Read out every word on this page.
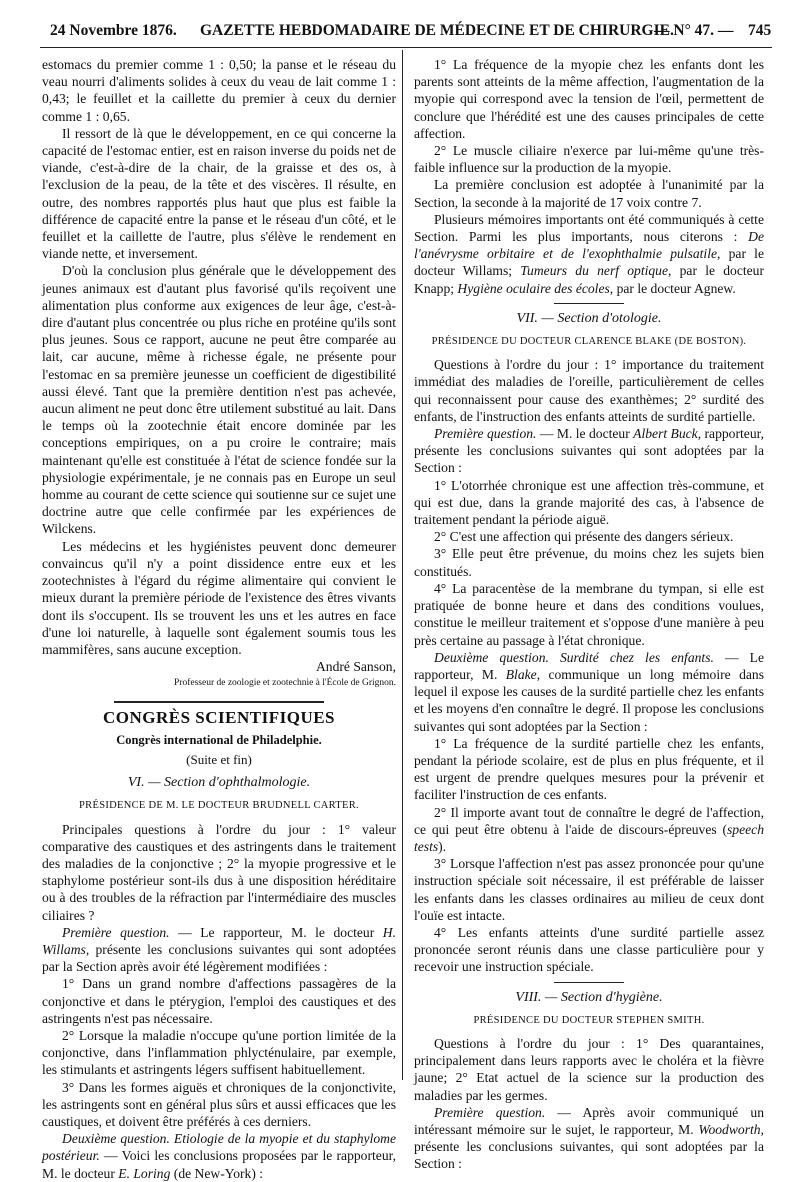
24 Novembre 1876. GAZETTE HEBDOMADAIRE DE MÉDECINE ET DE CHIRURGIE.
— N° 47. — 745

estomacs du premier comme 1 : 0,50; la panse et le réseau du veau nourri d'aliments solides à ceux du veau de lait comme 1 : 0,43; le feuillet et la caillette du premier à ceux du dernier comme 1 : 0,65.

Il ressort de là que le développement, en ce qui concerne la capacité de l'estomac entier, est en raison inverse du poids net de viande, c'est-à-dire de la chair, de la graisse et des os, à l'exclusion de la peau, de la tête et des viscères. Il résulte, en outre, des nombres rapportés plus haut que plus est faible la différence de capacité entre la panse et le réseau d'un côté, et le feuillet et la caillette de l'autre, plus s'élève le rendement en viande nette, et inversement.

D'où la conclusion plus générale que le développement des jeunes animaux est d'autant plus favorisé qu'ils reçoivent une alimentation plus conforme aux exigences de leur âge, c'est-à-dire d'autant plus concentrée ou plus riche en protéine qu'ils sont plus jeunes. Sous ce rapport, aucune ne peut être comparée au lait, car aucune, même à richesse égale, ne présente pour l'estomac en sa première jeunesse un coefficient de digestibilité aussi élevé. Tant que la première dentition n'est pas achevée, aucun aliment ne peut donc être utilement substitué au lait. Dans le temps où la zootechnie était encore dominée par les conceptions empiriques, on a pu croire le contraire; mais maintenant qu'elle est constituée à l'état de science fondée sur la physiologie expérimentale, je ne connais pas en Europe un seul homme au courant de cette science qui soutienne sur ce sujet une doctrine autre que celle confirmée par les expériences de Wilckens.

Les médecins et les hygiénistes peuvent donc demeurer convaincus qu'il n'y a point dissidence entre eux et les zootechnistes à l'égard du régime alimentaire qui convient le mieux durant la première période de l'existence des êtres vivants dont ils s'occupent. Ils se trouvent les uns et les autres en face d'une loi naturelle, à laquelle sont également soumis tous les mammifères, sans aucune exception.

André Sanson,

Professeur de zoologie et zootechnie à l'École de Grignon.

CONGRÈS SCIENTIFIQUES

Congrès international de Philadelphie.

(Suite et fin)

VI. — Section d'ophthalmologie.

PRÉSIDENCE DE M. LE DOCTEUR BRUDNELL CARTER.

Principales questions à l'ordre du jour : 1° valeur comparative des caustiques et des astringents dans le traitement des maladies de la conjonctive ; 2° la myopie progressive et le staphylome postérieur sont-ils dus à une disposition héréditaire ou à des troubles de la réfraction par l'intermédiaire des muscles ciliaires ?

Première question. — Le rapporteur, M. le docteur H. Willams, présente les conclusions suivantes qui sont adoptées par la Section après avoir été légèrement modifiées :

1° Dans un grand nombre d'affections passagères de la conjonctive et dans le ptérygion, l'emploi des caustiques et des astringents n'est pas nécessaire.

2° Lorsque la maladie n'occupe qu'une portion limitée de la conjonctive, dans l'inflammation phlycténulaire, par exemple, les stimulants et astringents légers suffisent habituellement.

3° Dans les formes aiguës et chroniques de la conjonctivite, les astringents sont en général plus sûrs et aussi efficaces que les caustiques, et doivent être préférés à ces derniers.

Deuxième question. Etiologie de la myopie et du staphylome postérieur. — Voici les conclusions proposées par le rapporteur, M. le docteur E. Loring (de New-York) :

1° La fréquence de la myopie chez les enfants dont les parents sont atteints de la même affection, l'augmentation de la myopie qui correspond avec la tension de l'œil, permettent de conclure que l'hérédité est une des causes principales de cette affection.

2° Le muscle ciliaire n'exerce par lui-même qu'une très-faible influence sur la production de la myopie.

La première conclusion est adoptée à l'unanimité par la Section, la seconde à la majorité de 17 voix contre 7.

Plusieurs mémoires importants ont été communiqués à cette Section. Parmi les plus importants, nous citerons : De l'anévrysme orbitaire et de l'exophthalmie pulsatile, par le docteur Willams; Tumeurs du nerf optique, par le docteur Knapp; Hygiène oculaire des écoles, par le docteur Agnew.

VII. — Section d'otologie.

PRÉSIDENCE DU DOCTEUR CLARENCE BLAKE (DE BOSTON).

Questions à l'ordre du jour : 1° importance du traitement immédiat des maladies de l'oreille, particulièrement de celles qui reconnaissent pour cause des exanthèmes; 2° surdité des enfants, de l'instruction des enfants atteints de surdité partielle.

Première question. — M. le docteur Albert Buck, rapporteur, présente les conclusions suivantes qui sont adoptées par la Section :

1° L'otorrhée chronique est une affection très-commune, et qui est due, dans la grande majorité des cas, à l'absence de traitement pendant la période aiguë.

2° C'est une affection qui présente des dangers sérieux.

3° Elle peut être prévenue, du moins chez les sujets bien constitués.

4° La paracentèse de la membrane du tympan, si elle est pratiquée de bonne heure et dans des conditions voulues, constitue le meilleur traitement et s'oppose d'une manière à peu près certaine au passage à l'état chronique.

Deuxième question. Surdité chez les enfants. — Le rapporteur, M. Blake, communique un long mémoire dans lequel il expose les causes de la surdité partielle chez les enfants et les moyens d'en connaître le degré. Il propose les conclusions suivantes qui sont adoptées par la Section :

1° La fréquence de la surdité partielle chez les enfants, pendant la période scolaire, est de plus en plus fréquente, et il est urgent de prendre quelques mesures pour la prévenir et faciliter l'instruction de ces enfants.

2° Il importe avant tout de connaître le degré de l'affection, ce qui peut être obtenu à l'aide de discours-épreuves (speech tests).

3° Lorsque l'affection n'est pas assez prononcée pour qu'une instruction spéciale soit nécessaire, il est préférable de laisser les enfants dans les classes ordinaires au milieu de ceux dont l'ouïe est intacte.

4° Les enfants atteints d'une surdité partielle assez prononcée seront réunis dans une classe particulière pour y recevoir une instruction spéciale.

VIII. — Section d'hygiène.

PRÉSIDENCE DU DOCTEUR STEPHEN SMITH.

Questions à l'ordre du jour : 1° Des quarantaines, principalement dans leurs rapports avec le choléra et la fièvre jaune; 2° Etat actuel de la science sur la production des maladies par les germes.

Première question. — Après avoir communiqué un intéressant mémoire sur le sujet, le rapporteur, M. Woodworth, présente les conclusions suivantes, qui sont adoptées par la Section :
